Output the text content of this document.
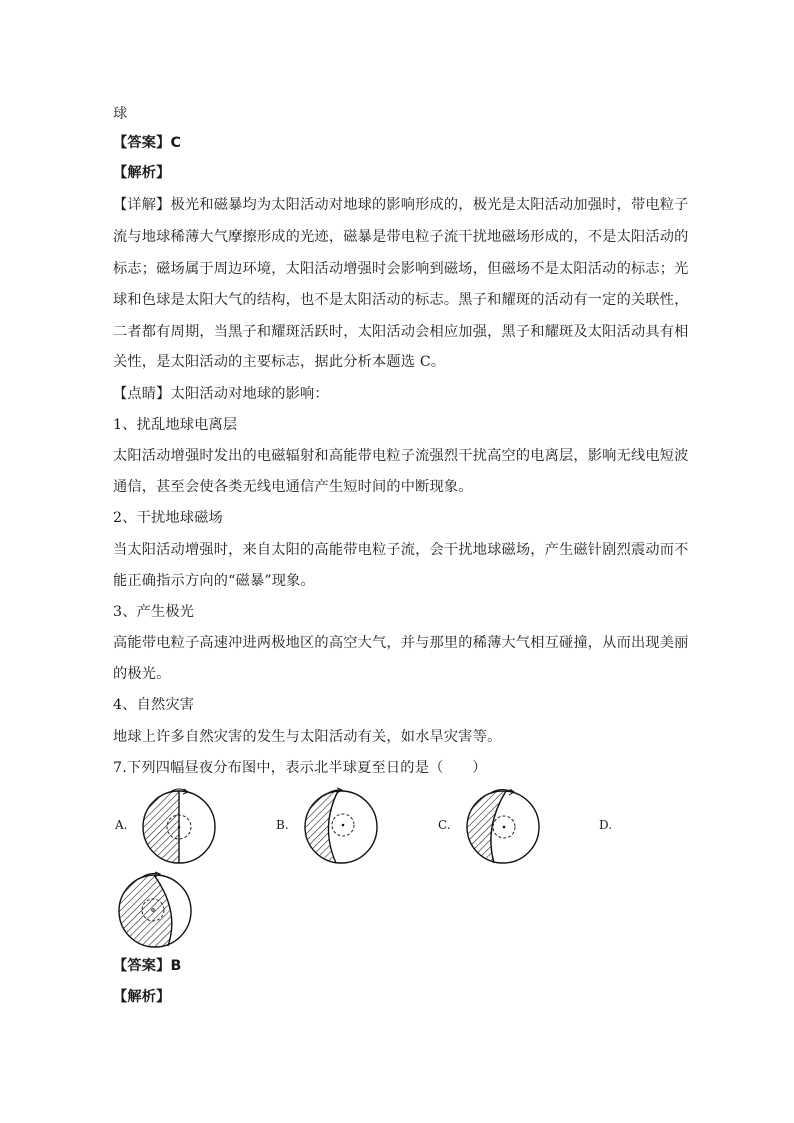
球
【答案】C
【解析】
【详解】极光和磁暴均为太阳活动对地球的影响形成的，极光是太阳活动加强时，带电粒子
流与地球稀薄大气摩擦形成的光迹，磁暴是带电粒子流干扰地磁场形成的，不是太阳活动的
标志；磁场属于周边环境，太阳活动增强时会影响到磁场，但磁场不是太阳活动的标志；光
球和色球是太阳大气的结构，也不是太阳活动的标志。黑子和耀斑的活动有一定的关联性，
二者都有周期，当黑子和耀斑活跃时，太阳活动会相应加强，黑子和耀斑及太阳活动具有相
关性，是太阳活动的主要标志，据此分析本题选 C。
【点睛】太阳活动对地球的影响：
1、扰乱地球电离层
太阳活动增强时发出的电磁辐射和高能带电粒子流强烈干扰高空的电离层，影响无线电短波
通信，甚至会使各类无线电通信产生短时间的中断现象。
2、干扰地球磁场
当太阳活动增强时，来自太阳的高能带电粒子流，会干扰地球磁场，产生磁针剧烈震动而不
能正确指示方向的“磁暴”现象。
3、产生极光
高能带电粒子高速冲进两极地区的高空大气，并与那里的稀薄大气相互碰撞，从而出现美丽
的极光。
4、自然灾害
地球上许多自然灾害的发生与太阳活动有关，如水旱灾害等。
7.下列四幅昼夜分布图中，表示北半球夏至日的是（　　）
A.	B.	C.	D.
【答案】B
【解析】
